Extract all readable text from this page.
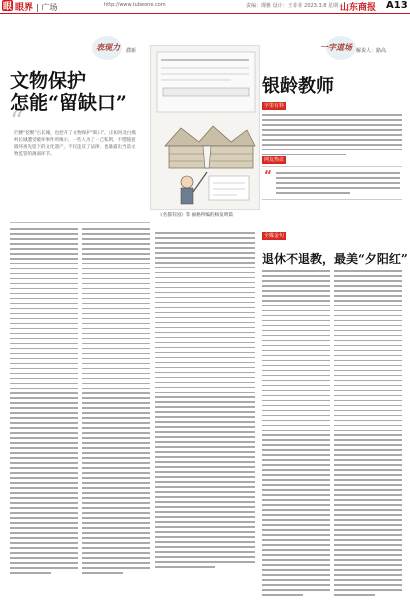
眼 眼界 | 广场	http://www.tubeone.com	责编：璨雅 设计：王菲菲 2023.3.8 星期三
山东商报 A13
表现力 濮新
文物保护
怎能“留缺口”
“
拦腰“挖断”古长城，也挖开了文物保护“缺口”。正如河北白熊岭长城遭受破坏事件所揭示，一些人为了一己私利，不惜随意毁坏祖先留下的文化遗产，不仅违反了法律，也暴露出当前文物监管的薄弱环节。
《名都有园》等 福格所编的杨发明篇
一字道场 解说人：路高
银龄教师
字里有料
网友热议
“
全媒金句
退休不退教，最美“夕阳红”
